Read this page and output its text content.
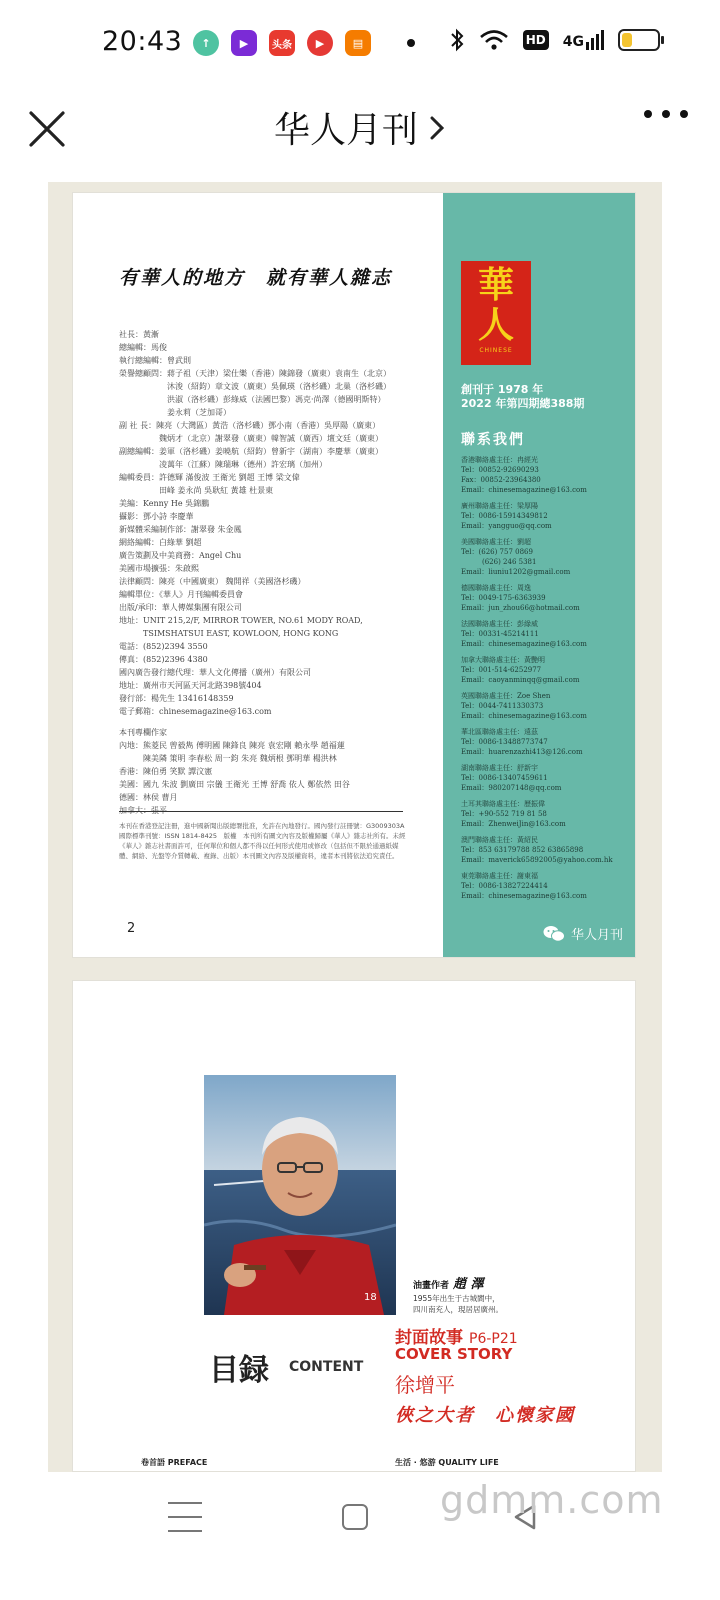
20:43	↑	▶	头条	▶	▤	HD 4G
华人月刊
有華人的地方　就有華人雜志
社長：黃漸
總編輯：馬俊
執行總編輯：曾武則
榮譽總顧問：蔣子祖（天津）梁仕樂（香港）陳錦發（廣東）袁南生（北京）
　　　　　　沐浚（紹鈞）章文波（廣東）吳佩瑛（洛杉磯）北巢（洛杉磯）
　　　　　　洪淑（洛杉磯）彭綠威（法國巴黎）馮克·尚澤（德國明斯特）
　　　　　　姜永莉（芝加哥）
副 社 長：陳亮（大灣區）黃浩（洛杉磯）鄧小南（香港）吳厚陽（廣東）
　　　　　魏炳才（北京）謝翠發（廣東）韓智誠（廣西）壇文廷（廣東）
副總編輯：姜軍（洛杉磯）姜曉航（紹鈞）曾新宇（湖南）李慶華（廣東）
　　　　　凌萬年（江蘇）陳瑞琳（德州）許宏璃（加州）
編輯委員：許德輝 滿俊波 王衛光 劉超 王博 梁文偉
　　　　　田峰 姜永尚 吳耿紅 黃雄 杜景東
美編：Kenny He 吳錦鵬
攝影：鄧小詩 李慶華
新媒體采編制作部：謝翠發 朱金鳳
網絡編輯：白綠華 劉超
廣告策劃及中美商務：Angel Chu
美國市場擴張：朱啟熙
法律顧問：陳亮（中國廣東） 魏開祥（美國洛杉磯）
編輯單位：《華人》月刊編輯委員會
出版/承印：華人傳媒集團有限公司
地址：UNIT 215,2/F, MIRROR TOWER, NO.61 MODY ROAD,
　　　TSIMSHATSUI EAST, KOWLOON, HONG KONG
電話：(852)2394 3550
傳真：(852)2396 4380
國內廣告發行總代理：華人文化傳播（廣州）有限公司
地址：廣州市天河區天河北路398號404
發行部：楊先生 13416148359
電子郵箱：chinesemagazine@163.com
本刊專欄作家
內地：熊菱民 曾毅雋 傅明國 陳鋒良 陳亮 袁宏剛 賴永學 趙福蓮
　　　陳美隣 策明 李春松 周一鈞 朱亮 魏炳根 鄧明華 楊洪林
香港：陳伯勇 笑默 譚汶憲
美國：國九 朱波 劉廣田 宗儀 王衛光 王博 舒喬 依人 鄭依然 田谷
德國：林侯 曹月
加拿大：張平
本刊在香港登記注冊，進中國新聞出版總署批准，允許在內地發行。國內發行註冊號：G3009303A 國際標準刊號：ISSN 1814-8425　版權　本刊所有圖文內容及版權歸屬《華人》雜志社所有。未經《華人》雜志社書面許可，任何單位和個人都不得以任何形式使用或修改（包括但不限於通過紙媒體、網絡、光盤等介質轉載、複錄、出版）本刊圖文內容及版權資料，違者本刊將依法追究責任。
2
華
人
CHINESE
創刊于 1978 年
2022 年第四期總388期
聯系我們
香港聯絡處主任：冉經光
Tel：00852-92690293
Fax：00852-23964380
Email：chinesemagazine@163.com
廣州聯絡處主任：梁厚陽
Tel：0086-15914349812
Email：yangguo@qq.com
美國聯絡處主任：劉超
Tel：(626) 757 0869
　　　(626) 246 5381
Email：liuniu1202@gmail.com
德國聯絡處主任：周逸
Tel：0049-175-6363939
Email：jun_zhou66@hotmail.com
法國聯絡處主任：彭綠威
Tel：00331-45214111
Email：chinesemagazine@163.com
加拿大聯絡處主任：黃艷明
Tel：001-514-6252977
Email：caoyanminqq@gmail.com
英國聯絡處主任：Zoe Shen
Tel：0044-7411330373
Email：chinesemagazine@163.com
華北區聯絡處主任：遠茲
Tel：0086-13488773747
Email：huarenzazhi413@126.com
湖南聯絡處主任：舒新宇
Tel：0086-13407459611
Email：980207148@qq.com
土耳其聯絡處主任：歷振偉
Tel：+90-552 719 81 58
Email：ZhenweiJin@163.com
澳門聯絡處主任：黃紹民
Tel：853 63179788 852 63865898
Email：maverick65892005@yahoo.com.hk
東莞聯絡處主任：謝東福
Tel：0086-13827224414
Email：chinesemagazine@163.com
华人月刊
18
油畫作者 趙 澤
1955年出生于古城閬中，
四川南充人，現居居廣州。
目録 CONTENT
封面故事 P6-P21
COVER STORY
徐增平
俠之大者　心懷家國
卷首語 PREFACE	生活 · 悠游 QUALITY LIFE
gdmm.com
